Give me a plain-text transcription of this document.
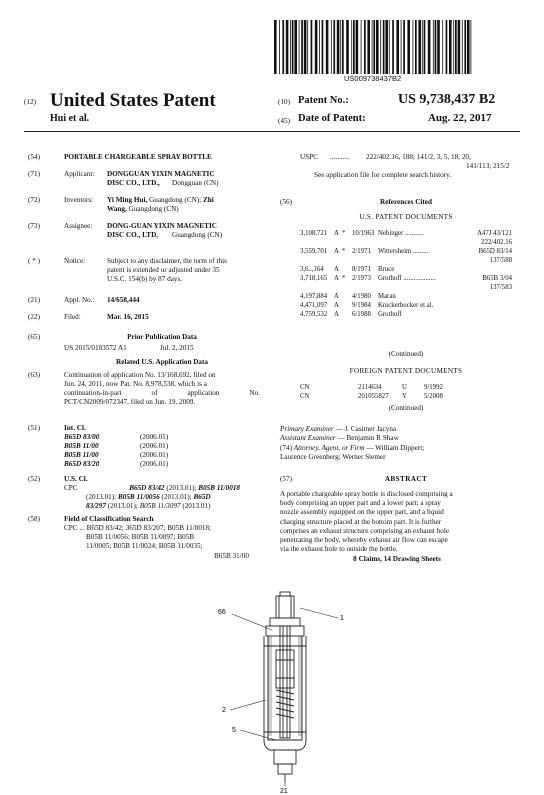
US009738437B2
(12) United States Patent
Hui et al.
(10) Patent No.:	US 9,738,437 B2
(45) Date of Patent:	Aug. 22, 2017
(54)	PORTABLE CHARGEABLE SPRAY BOTTLE
(71)	Applicant: DONGGUAN YIXIN MAGNETIC
DISC CO., LTD., Dongguan (CN)
(72)	Inventors: Yi Ming Hui, Guangdong (CN); Zhi
Wang, Guangdong (CN)
(73)	Assignee: DONG-GUAN YIXIN MAGNETIC
DISC CO., LTD, Guangdong (CN)
( * )	Notice:	Subject to any disclaimer, the term of this
patent is extended or adjusted under 35
U.S.C. 154(b) by 87 days.
(21)	Appl. No.: 14/658,444
(22)	Filed:	Mar. 16, 2015
(65)	Prior Publication Data
US 2015/0183572 A1	Jul. 2, 2015
Related U.S. Application Data
(63)	Continuation of application No. 13/168,692, filed on
Jun. 24, 2011, now Pat. No. 8,978,538, which is a
continuation-in-part	of	application	No.
PCT/CN2009/072347, filed on Jun. 19, 2009.
(51)	Int. Cl.
B65D 83/00	(2006.01)
B05B 11/00	(2006.01)
B05B 11/00	(2006.01)
B65D 83/20	(2006.01)
(52)	U.S. Cl.
CPC	B65D 83/42 (2013.01); B05B 11/0018
(2013.01); B05B 11/0056 (2013.01); B65D
83/297 (2013.01); B05B 11/3097 (2013.01)
(58)	Field of Classification Search
CPC ... B65D 83/42; 365D 83/207; B05B 11/0018;
B05B 11/0056; B05B 11/0097; B05B
11/0005; B05B 11/0024; B05B 11/0035;
B65B 31/00
USPC ........... 222/402.16, 188; 141/2, 3, 5, 18, 20,
141/113; 215/2
See application file for complete search history.
(56)	References Cited
U.S. PATENT DOCUMENTS
3,108,721 A * 10/1963 Nebinger ...........	A47J 43/121
222/402.16
3,559,701 A * 2/1971 Wittersheim .........	B65D 83/14
137/588
3,6..,164 A 8/1971 Bruce
3,718,165 A * 2/1973 Grothoff ...................	B65B 3/04
137/583
4,197,884 A 4/1980 Maran
4,471,097 A 9/1984 Knickerbocker et al.
4,759,532 A 6/1988 Grothoff
(Continued)
FOREIGN PATENT DOCUMENTS
CN	2114634	U	9/1992
CN	201055827 Y	5/2008
(Continued)
Primary Examiner — J. Casimer Jacyna
Assistant Examiner — Benjamin R Shaw
(74) Attorney, Agent, or Firm — William Dippert;
Laurence Greenberg; Werner Stemer
(57)	ABSTRACT
A portable chargeable spray bottle is disclosed comprising a
body comprising an upper part and a lower part; a spray
nozzle assembly equipped on the upper part, and a liquid
charging structure placed at the bottom part. It is further
comprises an exhaust structure comprising an exhaust hole
penetrating the body, whereby exhaust air flow can escape
via the exhaust hole to outside the bottle.
8 Claims, 14 Drawing Sheets
1
66
2
5
21
